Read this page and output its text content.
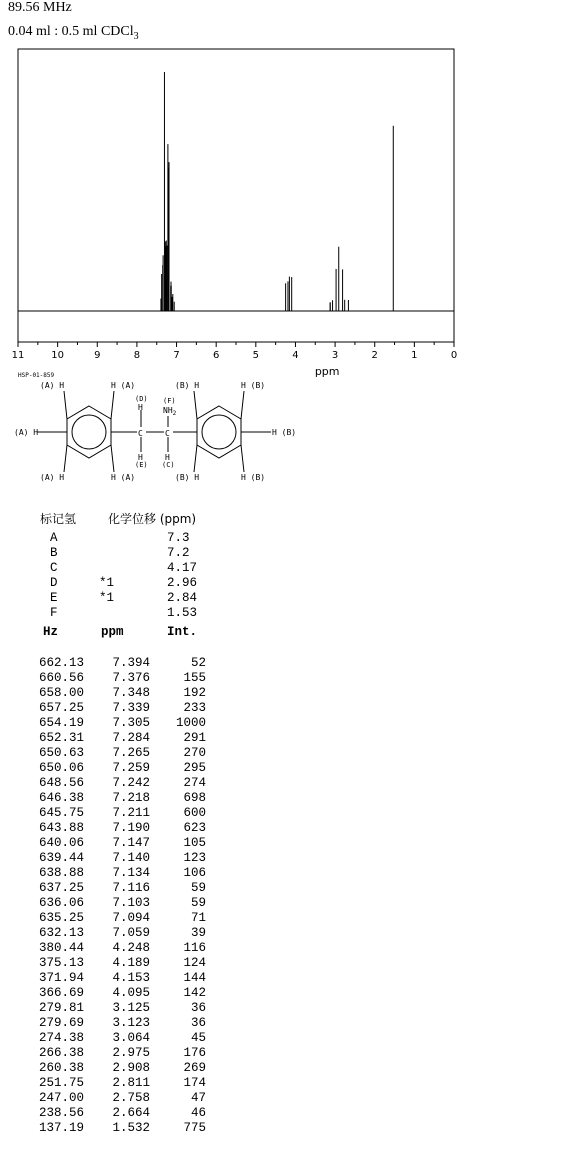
89.56 MHz
0.04 ml : 0.5 ml CDCl$_3$
11	10	9	8	7	6	5	4	3	2	1	0
ppm
HSP-01-859
(A) H	H (A)
(A) H
(A) H	H (A)
(B) H	H (B)
H (B)
(B) H	H (B)
(D)
H
(F)
$NH_2$
C	C
H
(E)
H
(C)
标记氢	化学位移 (ppm)
A	7.3
B	7.2
C	4.17
D	*1	2.96
E	*1	2.84
F	1.53
Hz	ppm	Int.
662.13	7.394	52
660.56	7.376	155
658.00	7.348	192
657.25	7.339	233
654.19	7.305	1000
652.31	7.284	291
650.63	7.265	270
650.06	7.259	295
648.56	7.242	274
646.38	7.218	698
645.75	7.211	600
643.88	7.190	623
640.06	7.147	105
639.44	7.140	123
638.88	7.134	106
637.25	7.116	59
636.06	7.103	59
635.25	7.094	71
632.13	7.059	39
380.44	4.248	116
375.13	4.189	124
371.94	4.153	144
366.69	4.095	142
279.81	3.125	36
279.69	3.123	36
274.38	3.064	45
266.38	2.975	176
260.38	2.908	269
251.75	2.811	174
247.00	2.758	47
238.56	2.664	46
137.19	1.532	775
